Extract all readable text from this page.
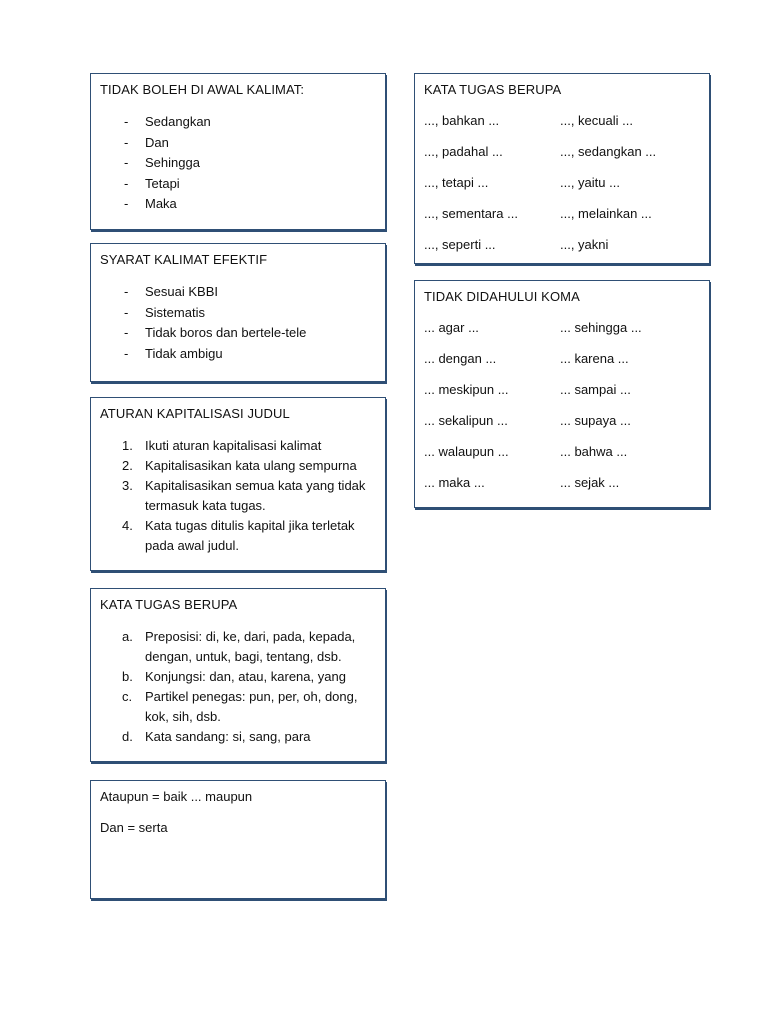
TIDAK BOLEH DI AWAL KALIMAT:
-	Sedangkan
-	Dan
-	Sehingga
-	Tetapi
-	Maka
SYARAT KALIMAT EFEKTIF
-	Sesuai KBBI
-	Sistematis
-	Tidak boros dan bertele-tele
-	Tidak ambigu
ATURAN KAPITALISASI JUDUL
1. Ikuti aturan kapitalisasi kalimat
2. Kapitalisasikan kata ulang sempurna
3. Kapitalisasikan semua kata yang tidak termasuk kata tugas.
4. Kata tugas ditulis kapital jika terletak pada awal judul.
KATA TUGAS BERUPA
a. Preposisi: di, ke, dari, pada, kepada, dengan, untuk, bagi, tentang, dsb.
b. Konjungsi: dan, atau, karena, yang
c. Partikel penegas: pun, per, oh, dong, kok, sih, dsb.
d. Kata sandang: si, sang, para

Ataupun = baik ... maupun

Dan = serta

KATA TUGAS BERUPA
..., bahkan ...	..., kecuali ...
..., padahal ...	..., sedangkan ...
..., tetapi ...	..., yaitu ...
..., sementara ...	..., melainkan ...
..., seperti ...	..., yakni
TIDAK DIDAHULUI KOMA
... agar ...	... sehingga ...
... dengan ...	... karena ...
... meskipun ...	... sampai ...
... sekalipun ...	... supaya ...
... walaupun ...	... bahwa ...
... maka ...	... sejak ...
